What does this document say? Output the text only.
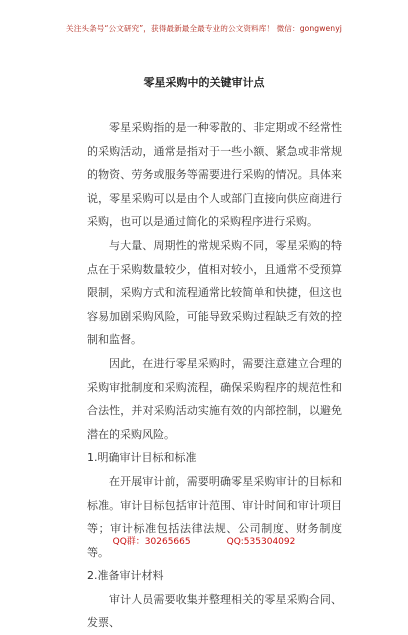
关注头条号“公文研究”，获得最新最全最专业的公文资料库！ 微信：gongwenyj
零星采购中的关键审计点

零星采购指的是一种零散的、非定期或不经常性的采购活动，通常是指对于一些小额、紧急或非常规的物资、劳务或服务等需要进行采购的情况。具体来说，零星采购可以是由个人或部门直接向供应商进行采购，也可以是通过简化的采购程序进行采购。

与大量、周期性的常规采购不同，零星采购的特点在于采购数量较少，值相对较小，且通常不受预算限制，采购方式和流程通常比较简单和快捷，但这也容易加剧采购风险，可能导致采购过程缺乏有效的控制和监督。

因此，在进行零星采购时，需要注意建立合理的采购审批制度和采购流程，确保采购程序的规范性和合法性，并对采购活动实施有效的内部控制，以避免潜在的采购风险。

1.明确审计目标和标准

在开展审计前，需要明确零星采购审计的目标和标准。审计目标包括审计范围、审计时间和审计项目等；审计标准包括法律法规、公司制度、财务制度等。

2.准备审计材料

审计人员需要收集并整理相关的零星采购合同、发票、

QQ群：30265665	QQ:535304092
